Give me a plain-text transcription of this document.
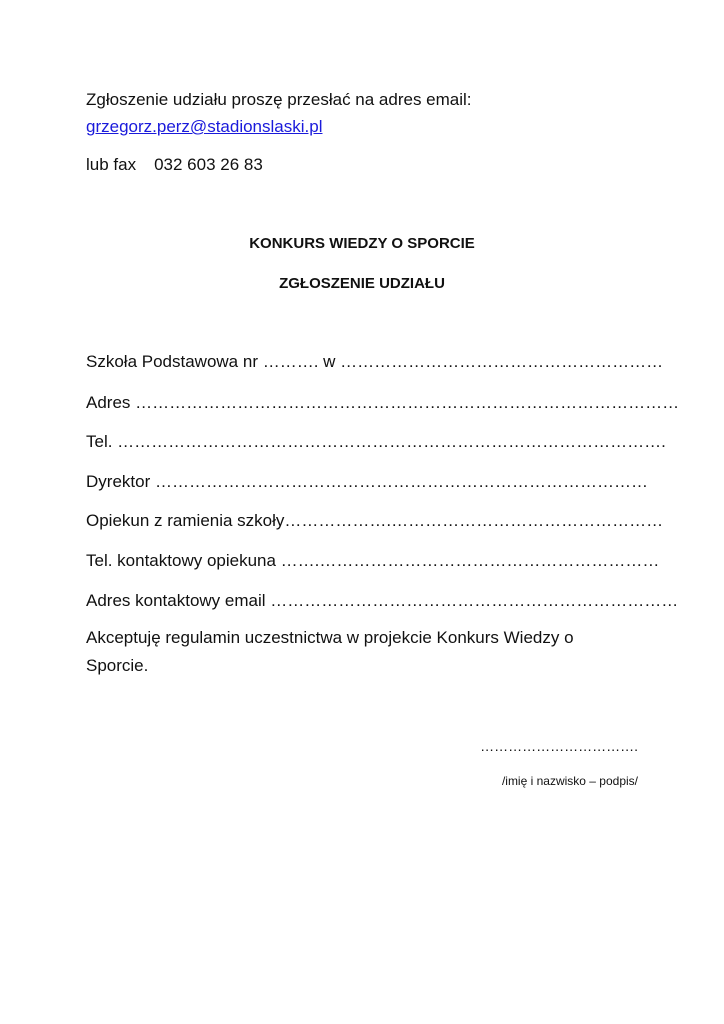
Zgłoszenie udziału proszę przesłać na adres email:
grzegorz.perz@stadionslaski.pl
lub fax 032 603 26 83
KONKURS WIEDZY O SPORCIE
ZGŁOSZENIE UDZIAŁU
Szkoła Podstawowa nr ………. w …………………………………………………
Adres ……………………………………………………………………………………
Tel. …………………………………………………………………………………….
Dyrektor ……………………………………………………………………………
Opiekun z ramienia szkoły……………….…………………………………………
Tel. kontaktowy opiekuna …….……………………………………………………
Adres kontaktowy email ………………………………………………………………
Akceptuję regulamin uczestnictwa w projekcie Konkurs Wiedzy o Sporcie.
…………………………….
/imię i nazwisko – podpis/
